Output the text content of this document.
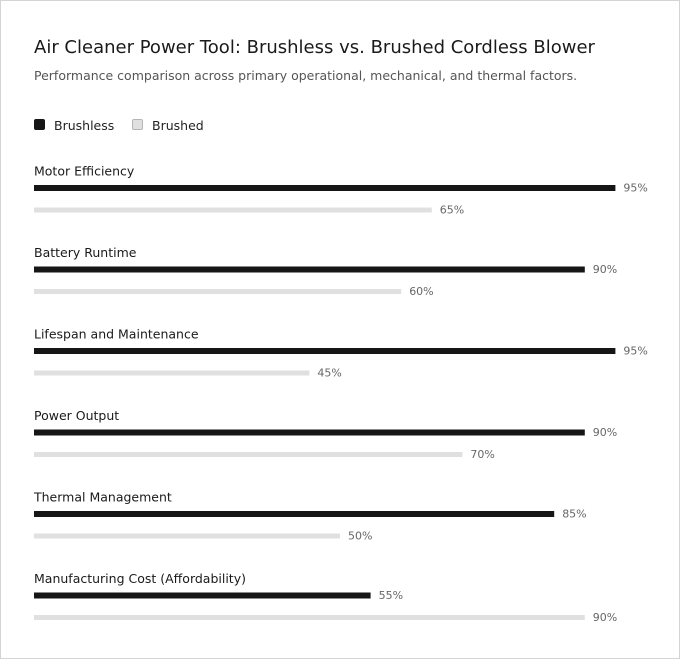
Air Cleaner Power Tool: Brushless vs. Brushed Cordless Blower
Performance comparison across primary operational, mechanical, and thermal factors.
Brushless	Brushed
Motor Efficiency
95%
65%
Battery Runtime
90%
60%
Lifespan and Maintenance
95%
45%
Power Output
90%
70%
Thermal Management
85%
50%
Manufacturing Cost (Affordability)
55%
90%
